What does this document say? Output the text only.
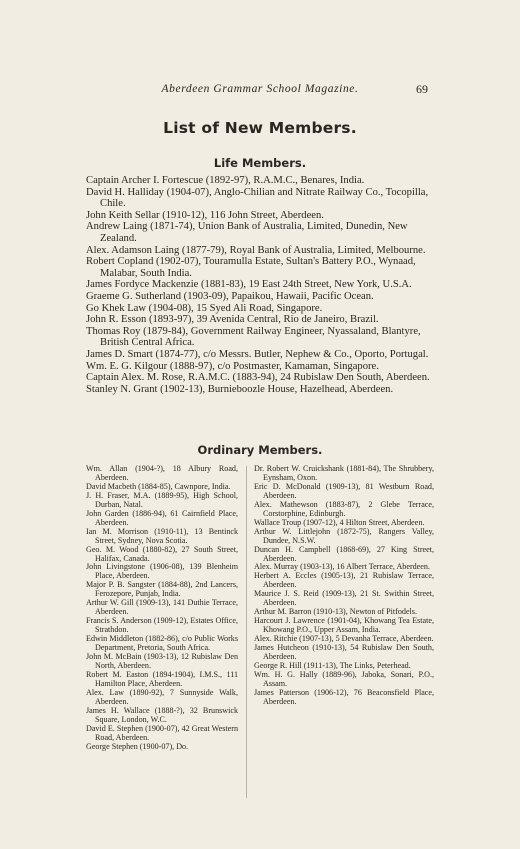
Aberdeen Grammar School Magazine.	69
List of New Members.
Life Members.
Captain Archer I. Fortescue (1892-97), R.A.M.C., Benares, India.
David H. Halliday (1904-07), Anglo-Chilian and Nitrate Railway Co., Tocopilla, Chile.
John Keith Sellar (1910-12), 116 John Street, Aberdeen.
Andrew Laing (1871-74), Union Bank of Australia, Limited, Dunedin, New Zealand.
Alex. Adamson Laing (1877-79), Royal Bank of Australia, Limited, Melbourne.
Robert Copland (1902-07), Touramulla Estate, Sultan's Battery P.O., Wynaad, Malabar, South India.
James Fordyce Mackenzie (1881-83), 19 East 24th Street, New York, U.S.A.
Graeme G. Sutherland (1903-09), Papaikou, Hawaii, Pacific Ocean.
Go Khek Law (1904-08), 15 Syed Ali Road, Singapore.
John R. Esson (1893-97), 39 Avenida Central, Rio de Janeiro, Brazil.
Thomas Roy (1879-84), Government Railway Engineer, Nyassaland, Blantyre, British Central Africa.
James D. Smart (1874-77), c/o Messrs. Butler, Nephew & Co., Oporto, Portugal.
Wm. E. G. Kilgour (1888-97), c/o Postmaster, Kamaman, Singapore.
Captain Alex. M. Rose, R.A.M.C. (1883-94), 24 Rubislaw Den South, Aberdeen.
Stanley N. Grant (1902-13), Burnieboozle House, Hazelhead, Aberdeen.
Ordinary Members.
Wm. Allan (1904-?), 18 Albury Road, Aberdeen.
David Macbeth (1884-85), Cawnpore, India.
J. H. Fraser, M.A. (1889-95), High School, Durban, Natal.
John Garden (1886-94), 61 Cairnfield Place, Aberdeen.
Ian M. Morrison (1910-11), 13 Bentinck Street, Sydney, Nova Scotia.
Geo. M. Wood (1880-82), 27 South Street, Halifax, Canada.
John Livingstone (1906-08), 139 Blenheim Place, Aberdeen.
Major P. B. Sangster (1884-88), 2nd Lancers, Ferozepore, Punjab, India.
Arthur W. Gill (1909-13), 141 Duthie Terrace, Aberdeen.
Francis S. Anderson (1909-12), Estates Office, Strathdon.
Edwin Middleton (1882-86), c/o Public Works Department, Pretoria, South Africa.
John M. McBain (1903-13), 12 Rubislaw Den North, Aberdeen.
Robert M. Easton (1894-1904), I.M.S., 111 Hamilton Place, Aberdeen.
Alex. Law (1890-92), 7 Sunnyside Walk, Aberdeen.
James H. Wallace (1888-?), 32 Brunswick Square, London, W.C.
David E. Stephen (1900-07), 42 Great Western Road, Aberdeen.
George Stephen (1900-07), Do.
Dr. Robert W. Cruickshank (1881-84), The Shrubbery, Eynsham, Oxon.
Eric D. McDonald (1909-13), 81 Westburn Road, Aberdeen.
Alex. Mathewson (1883-87), 2 Glebe Terrace, Corstorphine, Edinburgh.
Wallace Troup (1907-12), 4 Hilton Street, Aberdeen.
Arthur W. Littlejohn (1872-75), Rangers Valley, Dundee, N.S.W.
Duncan H. Campbell (1868-69), 27 King Street, Aberdeen.
Alex. Murray (1903-13), 16 Albert Terrace, Aberdeen.
Herbert A. Eccles (1905-13), 21 Rubislaw Terrace, Aberdeen.
Maurice J. S. Reid (1909-13), 21 St. Swithin Street, Aberdeen.
Arthur M. Barron (1910-13), Newton of Pitfodels.
Harcourt J. Lawrence (1901-04), Khowang Tea Estate, Khowang P.O., Upper Assam, India.
Alex. Ritchie (1907-13), 5 Devanha Terrace, Aberdeen.
James Hutcheon (1910-13), 54 Rubislaw Den South, Aberdeen.
George R. Hill (1911-13), The Links, Peterhead.
Wm. H. G. Hally (1889-96), Jaboka, Sonari, P.O., Assam.
James Patterson (1906-12), 76 Beaconsfield Place, Aberdeen.
